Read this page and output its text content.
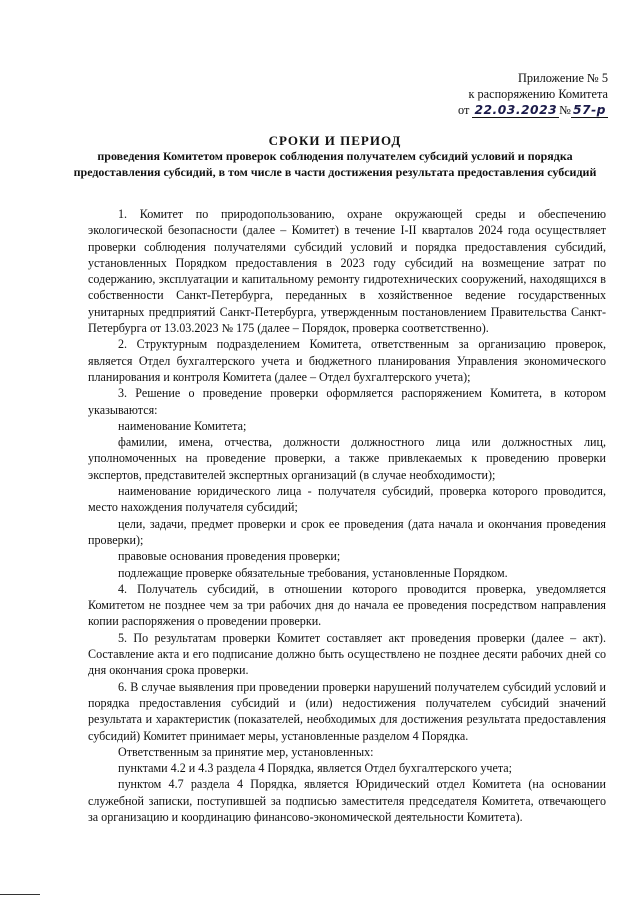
Приложение № 5
к распоряжению Комитета
от 22.03.2023 № 57-р
СРОКИ И ПЕРИОД
проведения Комитетом проверок соблюдения получателем субсидий условий и порядка предоставления субсидий, в том числе в части достижения результата предоставления субсидий

1. Комитет по природопользованию, охране окружающей среды и обеспечению экологической безопасности (далее – Комитет) в течение I-II кварталов 2024 года осуществляет проверки соблюдения получателями субсидий условий и порядка предоставления субсидий, установленных Порядком предоставления в 2023 году субсидий на возмещение затрат по содержанию, эксплуатации и капитальному ремонту гидротехнических сооружений, находящихся в собственности Санкт-Петербурга, переданных в хозяйственное ведение государственных унитарных предприятий Санкт-Петербурга, утвержденным постановлением Правительства Санкт-Петербурга от 13.03.2023 № 175 (далее – Порядок, проверка соответственно).

2. Структурным подразделением Комитета, ответственным за организацию проверок, является Отдел бухгалтерского учета и бюджетного планирования Управления экономического планирования и контроля Комитета (далее – Отдел бухгалтерского учета);

3. Решение о проведение проверки оформляется распоряжением Комитета, в котором указываются:

наименование Комитета;

фамилии, имена, отчества, должности должностного лица или должностных лиц, уполномоченных на проведение проверки, а также привлекаемых к проведению проверки экспертов, представителей экспертных организаций (в случае необходимости);

наименование юридического лица - получателя субсидий, проверка которого проводится, место нахождения получателя субсидий;

цели, задачи, предмет проверки и срок ее проведения (дата начала и окончания проведения проверки);

правовые основания проведения проверки;

подлежащие проверке обязательные требования, установленные Порядком.

4. Получатель субсидий, в отношении которого проводится проверка, уведомляется Комитетом не позднее чем за три рабочих дня до начала ее проведения посредством направления копии распоряжения о проведении проверки.

5. По результатам проверки Комитет составляет акт проведения проверки (далее – акт). Составление акта и его подписание должно быть осуществлено не позднее десяти рабочих дней со дня окончания срока проверки.

6. В случае выявления при проведении проверки нарушений получателем субсидий условий и порядка предоставления субсидий и (или) недостижения получателем субсидий значений результата и характеристик (показателей, необходимых для достижения результата предоставления субсидий) Комитет принимает меры, установленные разделом 4 Порядка.

Ответственным за принятие мер, установленных:

пунктами 4.2 и 4.3 раздела 4 Порядка, является Отдел бухгалтерского учета;

пунктом 4.7 раздела 4 Порядка, является Юридический отдел Комитета (на основании служебной записки, поступившей за подписью заместителя председателя Комитета, отвечающего за организацию и координацию финансово-экономической деятельности Комитета).
